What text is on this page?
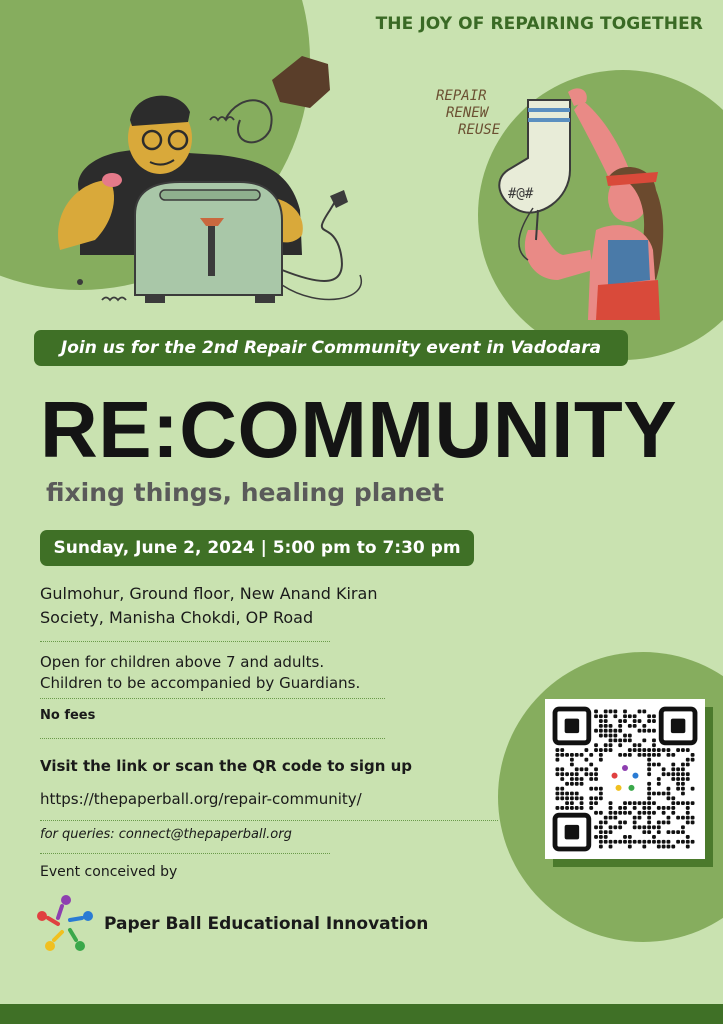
THE JOY OF REPAIRING TOGETHER
#@#
REPAIR
RENEW
REUSE
Join us for the 2nd Repair Community event in Vadodara
RE:COMMUNITY
fixing things, healing planet
Sunday, June 2, 2024 | 5:00 pm to 7:30 pm
Gulmohur, Ground floor, New Anand Kiran
Society, Manisha Chokdi, OP Road
Open for children above 7 and adults.
Children to be accompanied by Guardians.
No fees
Visit the link or scan the QR code to sign up
https://thepaperball.org/repair-community/
for queries: connect@thepaperball.org
Event conceived by
Paper Ball Educational Innovation
